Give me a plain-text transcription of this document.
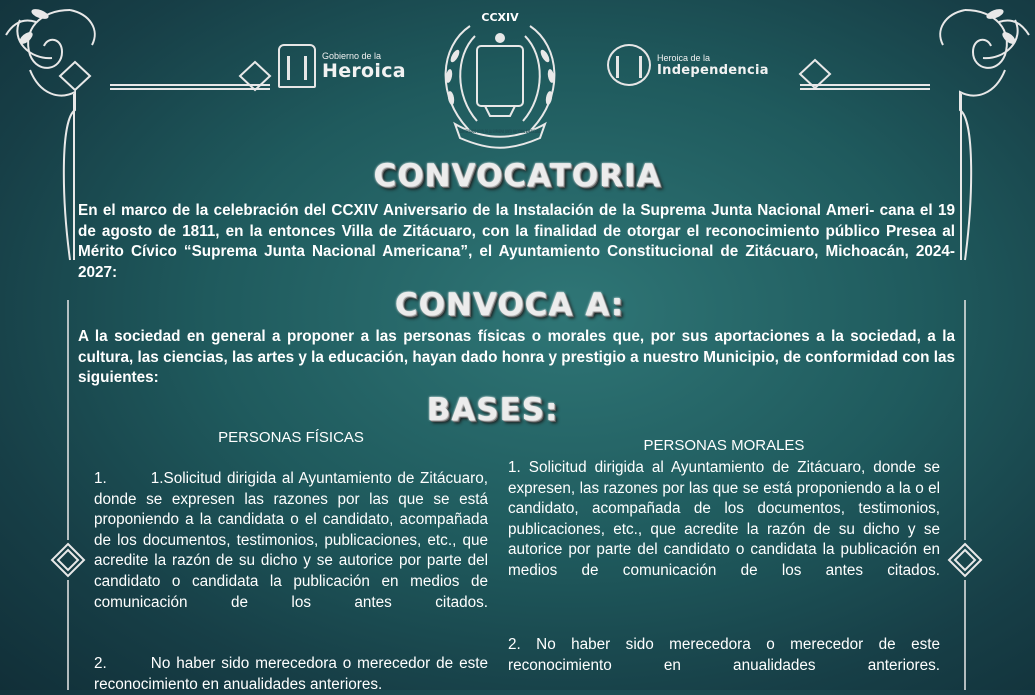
CCXIV
ANIVERSARIO CCXIV DE LA SUPREMA JUNTA NACIONAL AMERICANA
Gobierno de la
Heroica
Heroica de la
Independencia
CONVOCATORIA
En el marco de la celebración del CCXIV Aniversario de la Instalación de la Suprema Junta Nacional Ameri- cana el 19 de agosto de 1811, en la entonces Villa de Zitácuaro, con la finalidad de otorgar el reconocimiento público Presea al Mérito Cívico “Suprema Junta Nacional Americana”, el Ayuntamiento Constitucional de Zitácuaro, Michoacán, 2024-2027:
CONVOCA A:
A la sociedad en general a proponer a las personas físicas o morales que, por sus aportaciones a la sociedad, a la cultura, las ciencias, las artes y la educación, hayan dado honra y prestigio a nuestro Municipio, de conformidad con las siguientes:
BASES:
PERSONAS FÍSICAS	PERSONAS MORALES
1.	1.Solicitud dirigida al Ayuntamiento de Zitácuaro, donde se expresen las razones por las que se está proponiendo a la candidata o el candidato, acompañada de los documentos, testimonios, publicaciones, etc., que acredite la razón de su dicho y se autorice por parte del candidato o candidata la publicación en medios de comunicación de los antes citados.
2.	No haber sido merecedora o merecedor de este reconocimiento en anualidades anteriores.
1. Solicitud dirigida al Ayuntamiento de Zitácuaro, donde se expresen, las razones por las que se está proponiendo a la o el candidato, acompañada de los documentos, testimonios, publicaciones, etc., que acredite la razón de su dicho y se autorice por parte del candidato o candidata la publicación en medios de comunicación de los antes citados.
2. No haber sido merecedora o merecedor de este reconocimiento en anualidades anteriores.
